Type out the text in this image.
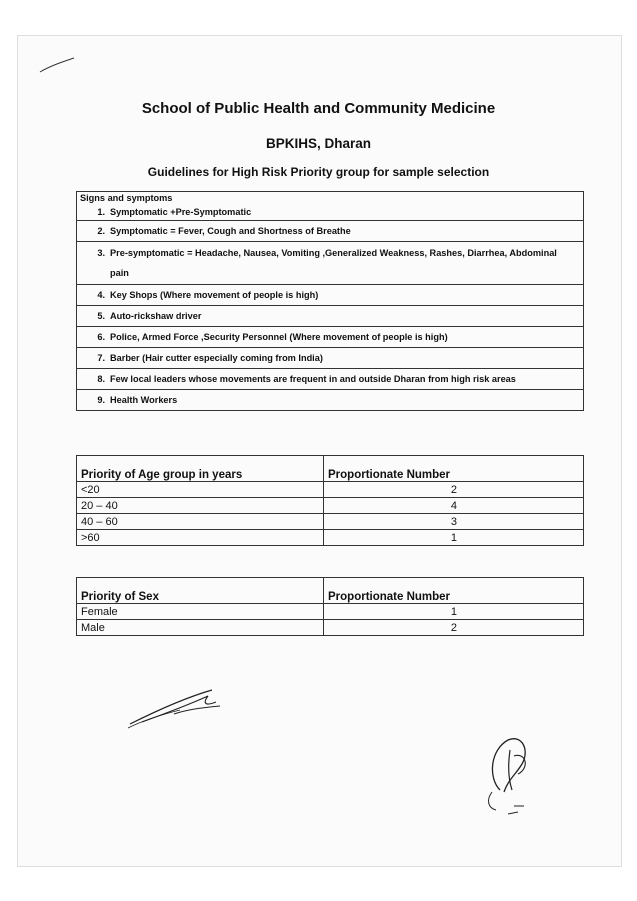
School of Public Health and Community Medicine
BPKIHS, Dharan
Guidelines for High Risk Priority group for sample selection
Signs and symptoms
1. Symptomatic +Pre-Symptomatic
2. Symptomatic = Fever, Cough and Shortness of Breathe
3. Pre-symptomatic = Headache, Nausea, Vomiting ,Generalized Weakness, Rashes, Diarrhea, Abdominal pain
4. Key Shops (Where movement of people is high)
5. Auto-rickshaw driver
6. Police, Armed Force ,Security Personnel (Where movement of people is high)
7. Barber (Hair cutter especially coming from India)
8. Few local leaders whose movements are frequent in and outside Dharan from high risk areas
9. Health Workers
Priority of Age group in years	Proportionate Number
<20	2
20 – 40	4
40 – 60	3
>60	1
Priority of Sex	Proportionate Number
Female	1
Male	2
